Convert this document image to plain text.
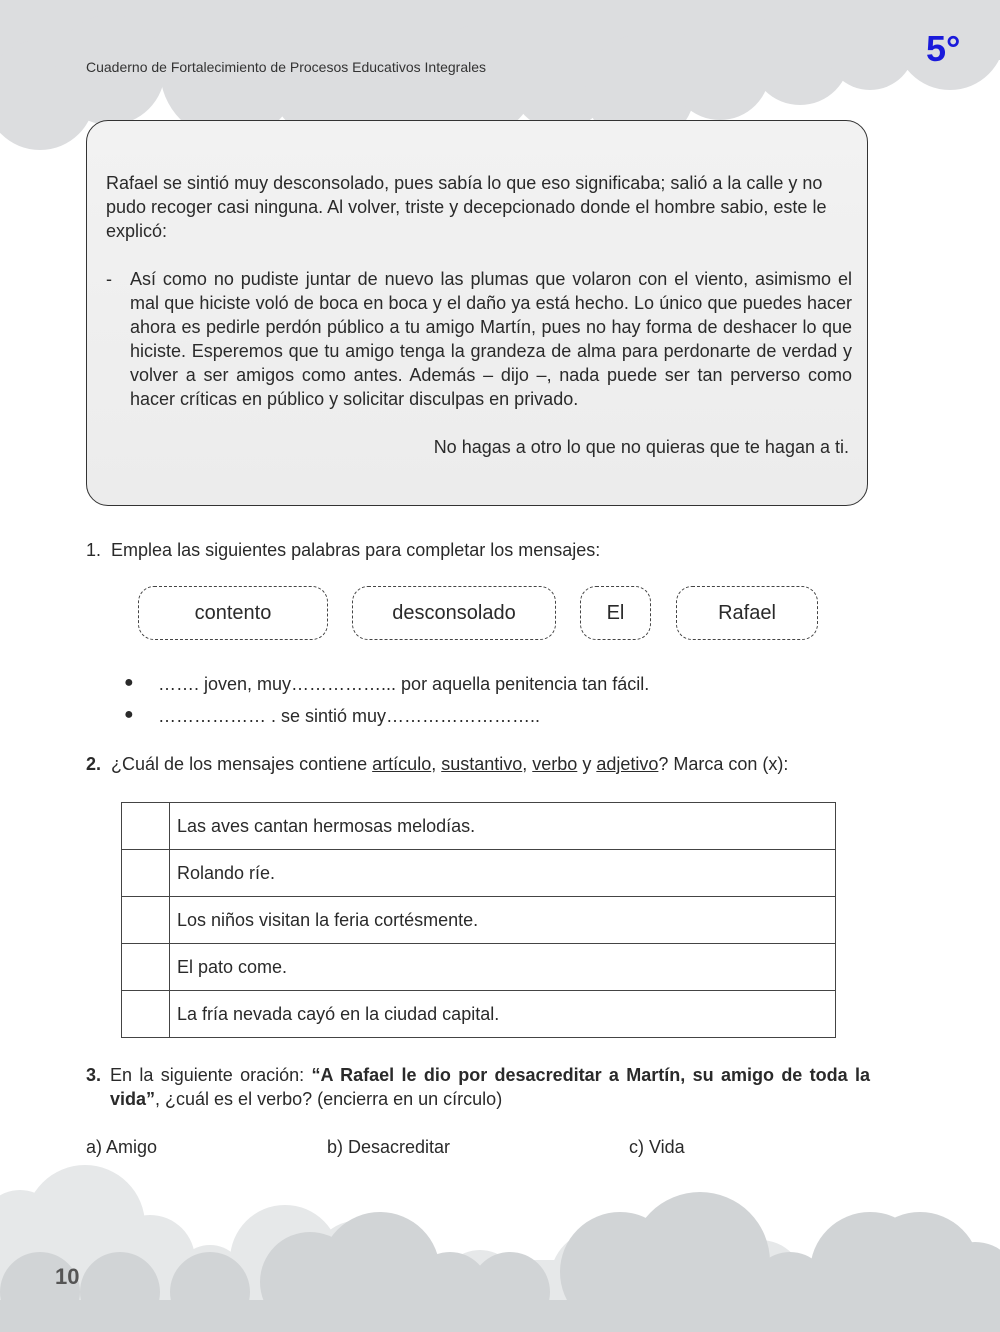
Cuaderno de Fortalecimiento de Procesos Educativos Integrales	5°
Rafael se sintió muy desconsolado, pues sabía lo que eso significaba; salió a la calle y no pudo recoger casi ninguna. Al volver, triste y decepcionado donde el hombre sabio, este le explicó:
- Así como no pudiste juntar de nuevo las plumas que volaron con el viento, asimismo el mal que hiciste voló de boca en boca y el daño ya está hecho. Lo único que puedes hacer ahora es pedirle perdón público a tu amigo Martín, pues no hay forma de deshacer lo que hiciste. Esperemos que tu amigo tenga la grandeza de alma para perdonarte de verdad y volver a ser amigos como antes. Además – dijo –, nada puede ser tan perverso como hacer críticas en público y solicitar disculpas en privado.
No hagas a otro lo que no quieras que te hagan a ti.
1. Emplea las siguientes palabras para completar los mensajes:
contento	desconsolado	El	Rafael
● ……. joven, muy……………... por aquella penitencia tan fácil.
● ……………… . se sintió muy……………………..
2. ¿Cuál de los mensajes contiene artículo, sustantivo, verbo y adjetivo? Marca con (x):
	Las aves cantan hermosas melodías.
	Rolando ríe.
	Los niños visitan la feria cortésmente.
	El pato come.
	La fría nevada cayó en la ciudad capital.
3. En la siguiente oración: “A Rafael le dio por desacreditar a Martín, su amigo de toda la vida”, ¿cuál es el verbo? (encierra en un círculo)
a) Amigo	b) Desacreditar	c) Vida
10
